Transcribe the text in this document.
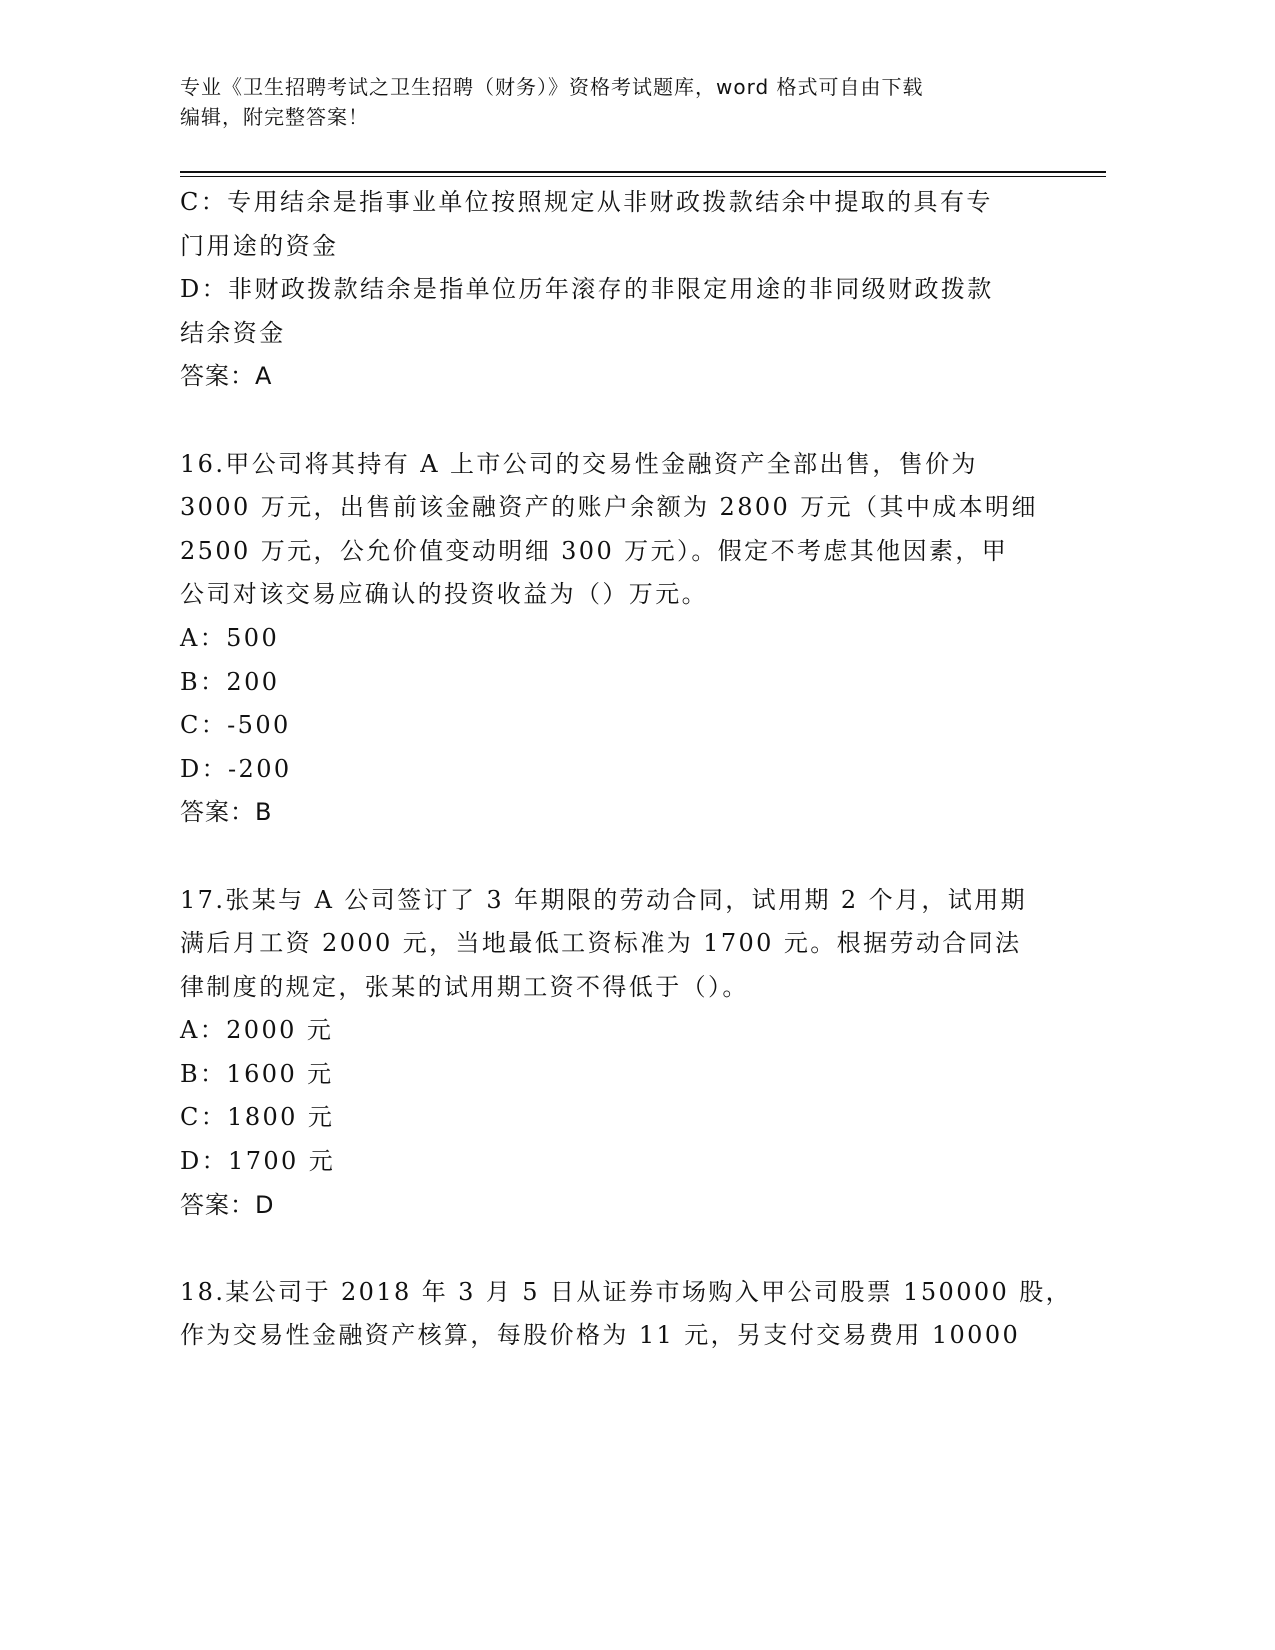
专业《卫生招聘考试之卫生招聘（财务）》资格考试题库，word 格式可自由下载
编辑，附完整答案！
C：专用结余是指事业单位按照规定从非财政拨款结余中提取的具有专
门用途的资金
D：非财政拨款结余是指单位历年滚存的非限定用途的非同级财政拨款
结余资金
答案：A
16.甲公司将其持有 A 上市公司的交易性金融资产全部出售，售价为
3000 万元，出售前该金融资产的账户余额为 2800 万元（其中成本明细
2500 万元，公允价值变动明细 300 万元）。假定不考虑其他因素，甲
公司对该交易应确认的投资收益为（）万元。
A：500
B：200
C：-500
D：-200
答案：B
17.张某与 A 公司签订了 3 年期限的劳动合同，试用期 2 个月，试用期
满后月工资 2000 元，当地最低工资标准为 1700 元。根据劳动合同法
律制度的规定，张某的试用期工资不得低于（）。
A：2000 元
B：1600 元
C：1800 元
D：1700 元
答案：D
18.某公司于 2018 年 3 月 5 日从证券市场购入甲公司股票 150000 股，
作为交易性金融资产核算，每股价格为 11 元，另支付交易费用 10000
